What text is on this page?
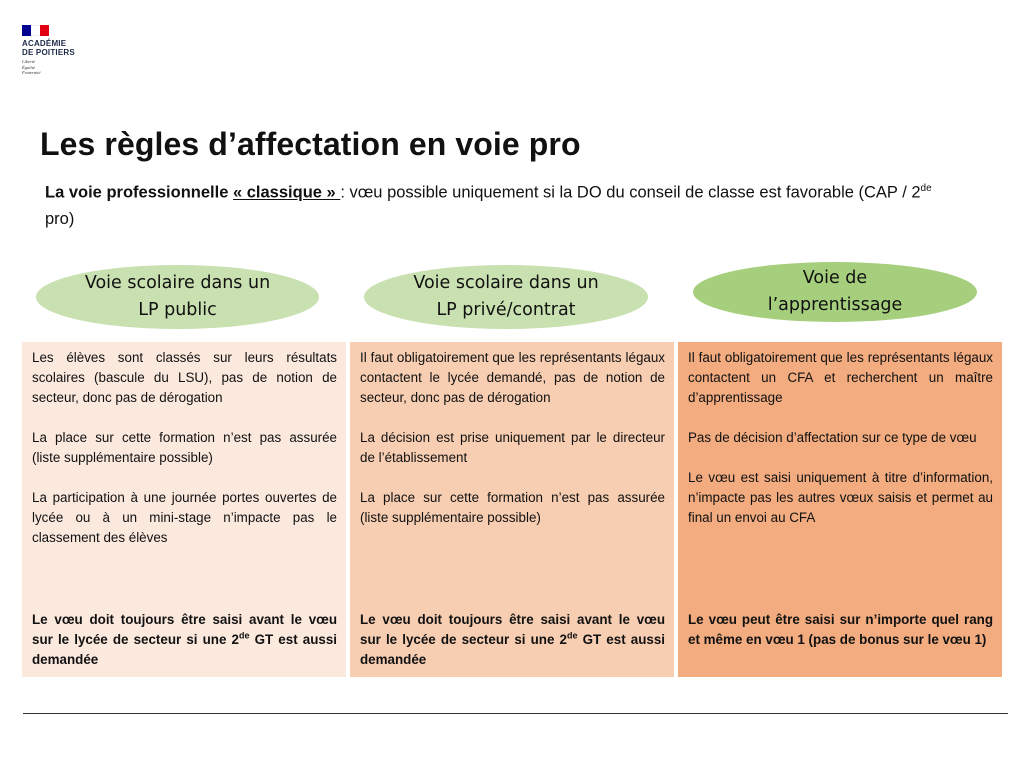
ACADÉMIE
DE POITIERS
Liberté
Égalité
Fraternité
Les règles d’affectation en voie pro
La voie professionnelle « classique » : vœu possible uniquement si la DO du conseil de classe est favorable (CAP / 2de pro)
Voie scolaire dans un LP public
Voie scolaire dans un LP privé/contrat
Voie de l’apprentissage

Les élèves sont classés sur leurs résultats scolaires (bascule du LSU), pas de notion de secteur, donc pas de dérogation

La place sur cette formation n’est pas assurée (liste supplémentaire possible)

La participation à une journée portes ouvertes de lycée ou à un mini-stage n’impacte pas le classement des élèves

Le vœu doit toujours être saisi avant le vœu sur le lycée de secteur si une 2de GT est aussi demandée

Il faut obligatoirement que les représentants légaux contactent le lycée demandé, pas de notion de secteur, donc pas de dérogation

La décision est prise uniquement par le directeur de l’établissement

La place sur cette formation n’est pas assurée (liste supplémentaire possible)

Le vœu doit toujours être saisi avant le vœu sur le lycée de secteur si une 2de GT est aussi demandée

Il faut obligatoirement que les représentants légaux contactent un CFA et recherchent un maître d’apprentissage

Pas de décision d’affectation sur ce type de vœu

Le vœu est saisi uniquement à titre d’information, n’impacte pas les autres vœux saisis et permet au final un envoi au CFA

Le vœu peut être saisi sur n’importe quel rang et même en vœu 1 (pas de bonus sur le vœu 1)
